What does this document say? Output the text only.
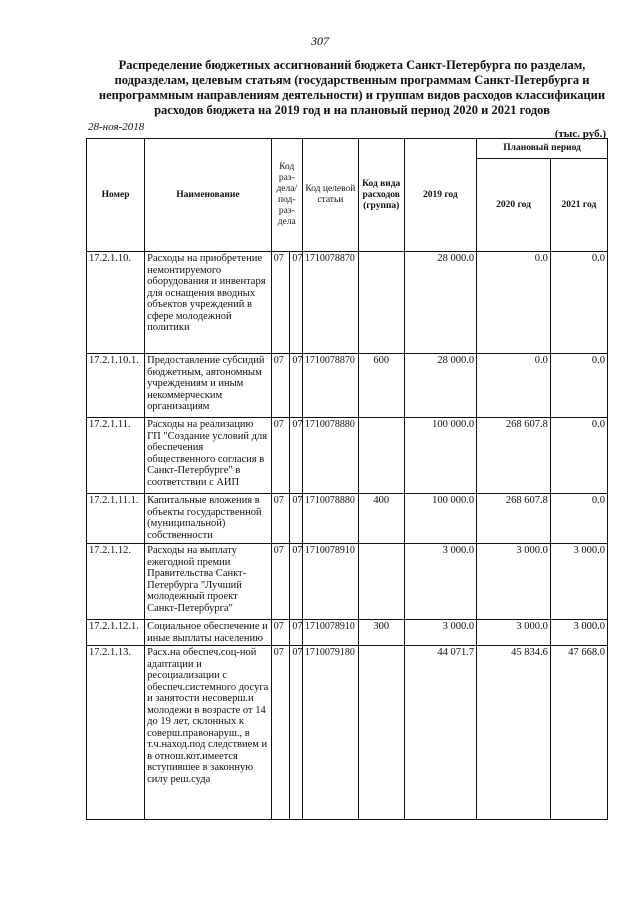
307
Распределение бюджетных ассигнований бюджета Санкт-Петербурга по разделам, подразделам, целевым статьям (государственным программам Санкт-Петербурга и непрограммным направлениям деятельности) и группам видов расходов классификации расходов бюджета на 2019 год и на плановый период 2020 и 2021 годов
28-ноя-2018
(тыс. руб.)
Номер	Наименование	Код раз-дела/ под-раз-дела		Код целевой статьи	Код вида расходов (группа)	2019 год	Плановый период	
							2020 год	2021 год
17.2.1.10.	Расходы на приобретение немонтируемого оборудования и инвентаря для оснащения вводных объектов учреждений в сфере молодежной политики	07	07	1710078870		28 000.0	0.0	0.0
17.2.1.10.1.	Предоставление субсидий бюджетным, автономным учреждениям и иным некоммерческим организациям	07	07	1710078870	600	28 000.0	0.0	0.0
17.2.1.11.	Расходы на реализацию ГП "Создание условий для обеспечения общественного согласия в Санкт-Петербурге" в соответствии с АИП	07	07	1710078880		100 000.0	268 607.8	0.0
17.2.1.11.1.	Капитальные вложения в объекты государственной (муниципальной) собственности	07	07	1710078880	400	100 000.0	268 607.8	0.0
17.2.1.12.	Расходы на выплату ежегодной премии Правительства Санкт-Петербурга "Лучший молодежный проект Санкт-Петербурга"	07	07	1710078910		3 000.0	3 000.0	3 000.0
17.2.1.12.1.	Социальное обеспечение и иные выплаты населению	07	07	1710078910	300	3 000.0	3 000.0	3 000.0
17.2.1.13.	Расх.на обеспеч.соц-ной адаптации и ресоциализации с обеспеч.системного досуга и занятости несоверш.и молодежи в возрасте от 14 до 19 лет, склонных к соверш.правонаруш., в т.ч.наход.под следствием и в отнош.кот.имеется вступившее в законную силу реш.суда	07	07	1710079180		44 071.7	45 834.6	47 668.0
